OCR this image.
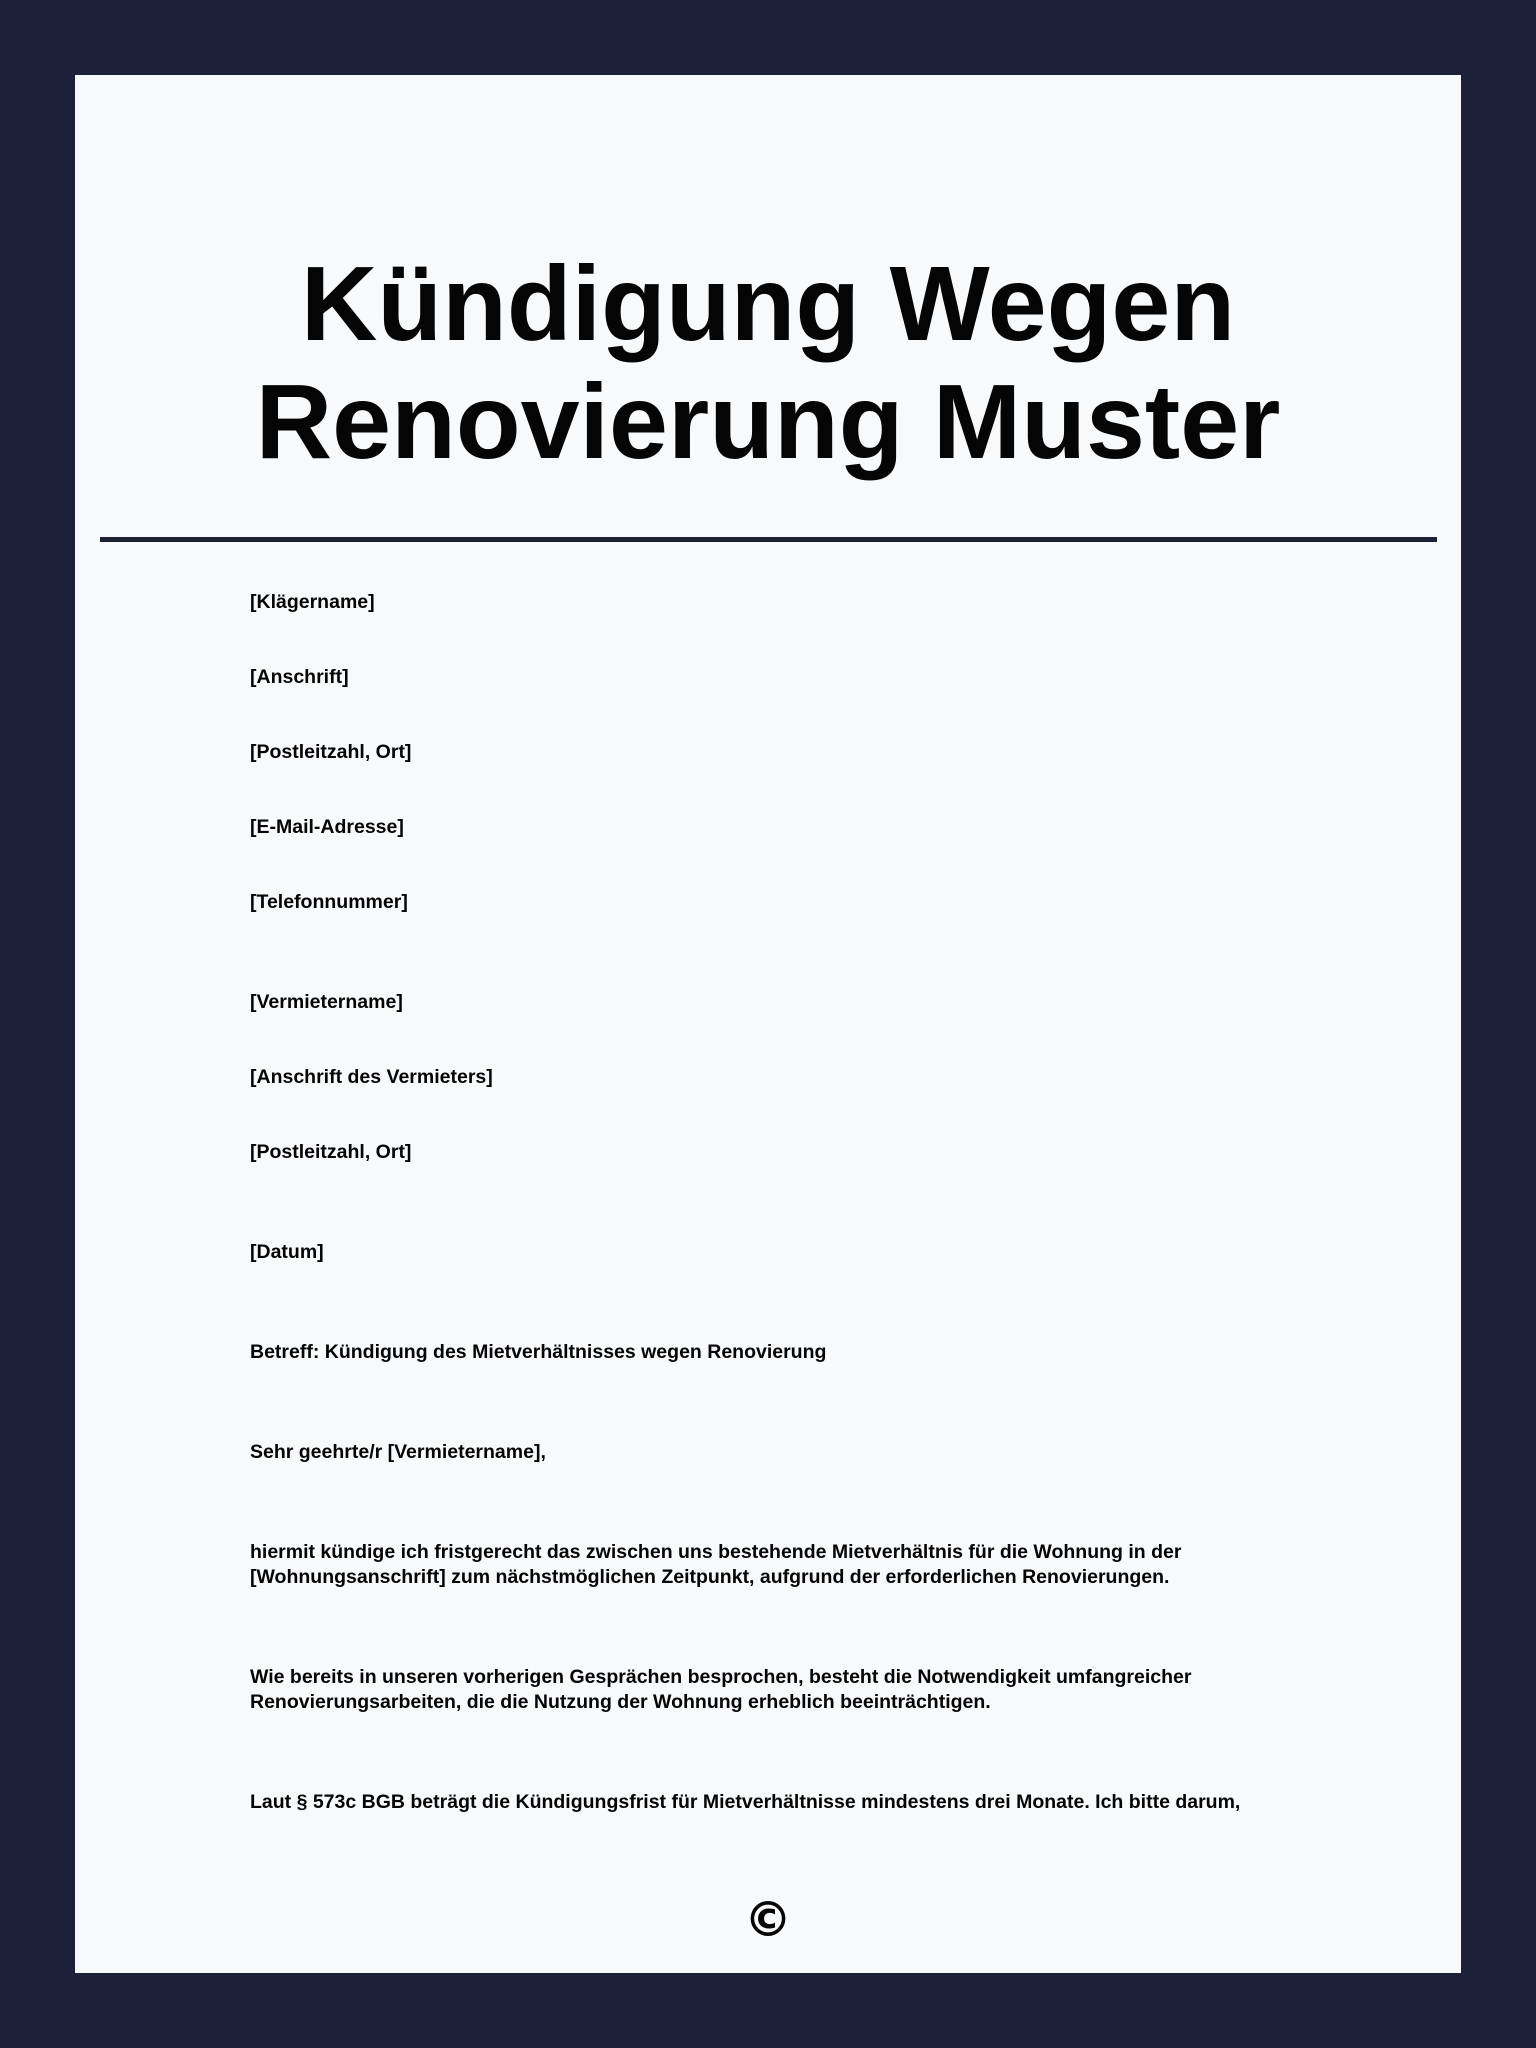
Kündigung Wegen Renovierung Muster

[Klägername]

[Anschrift]

[Postleitzahl, Ort]

[E-Mail-Adresse]

[Telefonnummer]

[Vermietername]

[Anschrift des Vermieters]

[Postleitzahl, Ort]

[Datum]

Betreff: Kündigung des Mietverhältnisses wegen Renovierung

Sehr geehrte/r [Vermietername],

hiermit kündige ich fristgerecht das zwischen uns bestehende Mietverhältnis für die Wohnung in der [Wohnungsanschrift] zum nächstmöglichen Zeitpunkt, aufgrund der erforderlichen Renovierungen.

Wie bereits in unseren vorherigen Gesprächen besprochen, besteht die Notwendigkeit umfangreicher Renovierungsarbeiten, die die Nutzung der Wohnung erheblich beeinträchtigen.

Laut § 573c BGB beträgt die Kündigungsfrist für Mietverhältnisse mindestens drei Monate. Ich bitte darum,

©
